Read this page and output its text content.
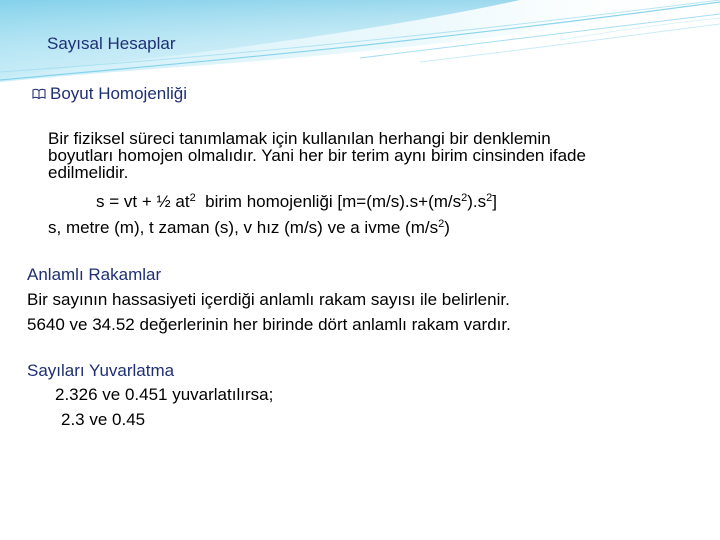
Sayısal Hesaplar
Boyut Homojenliği
Bir fiziksel süreci tanımlamak için kullanılan herhangi bir denklemin
boyutları homojen olmalıdır. Yani her bir terim aynı birim cinsinden ifade
edilmelidir.
s = vt + ½ $at^2$  birim homojenliği $[m=(m/s).s+(m/s^2).s^2]$
s, metre (m), t zaman (s), v hız (m/s) ve a ivme $(m/s^2)$
Anlamlı Rakamlar
Bir sayının hassasiyeti içerdiği anlamlı rakam sayısı ile belirlenir.
5640 ve 34.52 değerlerinin her birinde dört anlamlı rakam vardır.
Sayıları Yuvarlatma
2.326 ve 0.451 yuvarlatılırsa;
2.3 ve 0.45
